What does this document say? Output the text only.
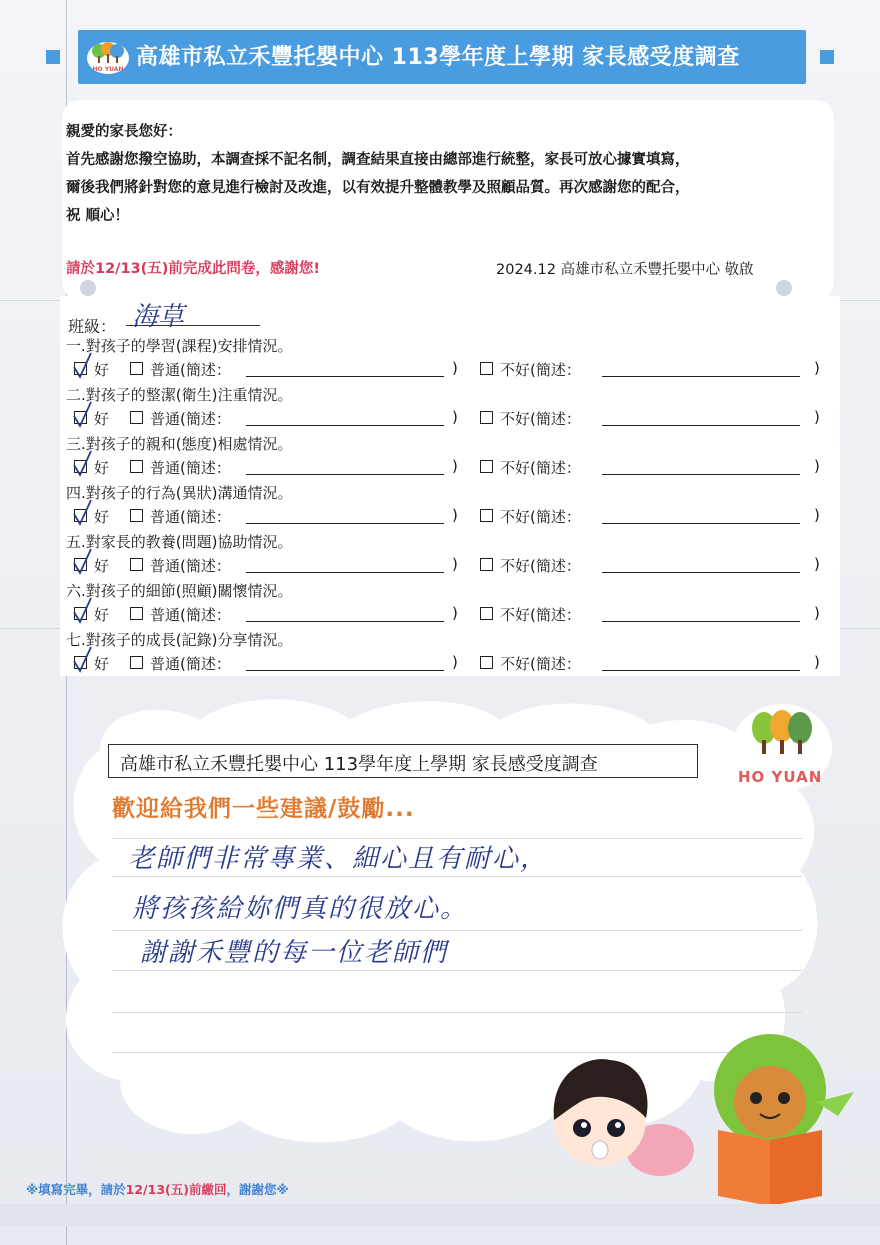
HO YUAN 高雄市私立禾豐托嬰中心 113學年度上學期 家長感受度調查
親愛的家長您好：
首先感謝您撥空協助，本調查採不記名制，調查結果直接由總部進行統整，家長可放心據實填寫，
爾後我們將針對您的意見進行檢討及改進，以有效提升整體教學及照顧品質。再次感謝您的配合，
祝 順心！
請於12/13(五)前完成此問卷，感謝您!	2024.12 高雄市私立禾豐托嬰中心 敬啟
班級： 海草
一.對孩子的學習(課程)安排情況。
好	普通(簡述：	)	不好(簡述：	)
二.對孩子的整潔(衛生)注重情況。
好	普通(簡述：	)	不好(簡述：	)
三.對孩子的親和(態度)相處情況。
好	普通(簡述：	)	不好(簡述：	)
四.對孩子的行為(異狀)溝通情況。
好	普通(簡述：	)	不好(簡述：	)
五.對家長的教養(問題)協助情況。
好	普通(簡述：	)	不好(簡述：	)
六.對孩子的細節(照顧)關懷情況。
好	普通(簡述：	)	不好(簡述：	)
七.對孩子的成長(記錄)分享情況。
好	普通(簡述：	)	不好(簡述：	)
HO YUAN
高雄市私立禾豐托嬰中心 113學年度上學期 家長感受度調查
歡迎給我們一些建議/鼓勵...
老師們非常專業、細心且有耐心，
將孩孩給妳們真的很放心。
謝謝禾豐的每一位老師們
※填寫完畢，請於12/13(五)前繳回，謝謝您※
